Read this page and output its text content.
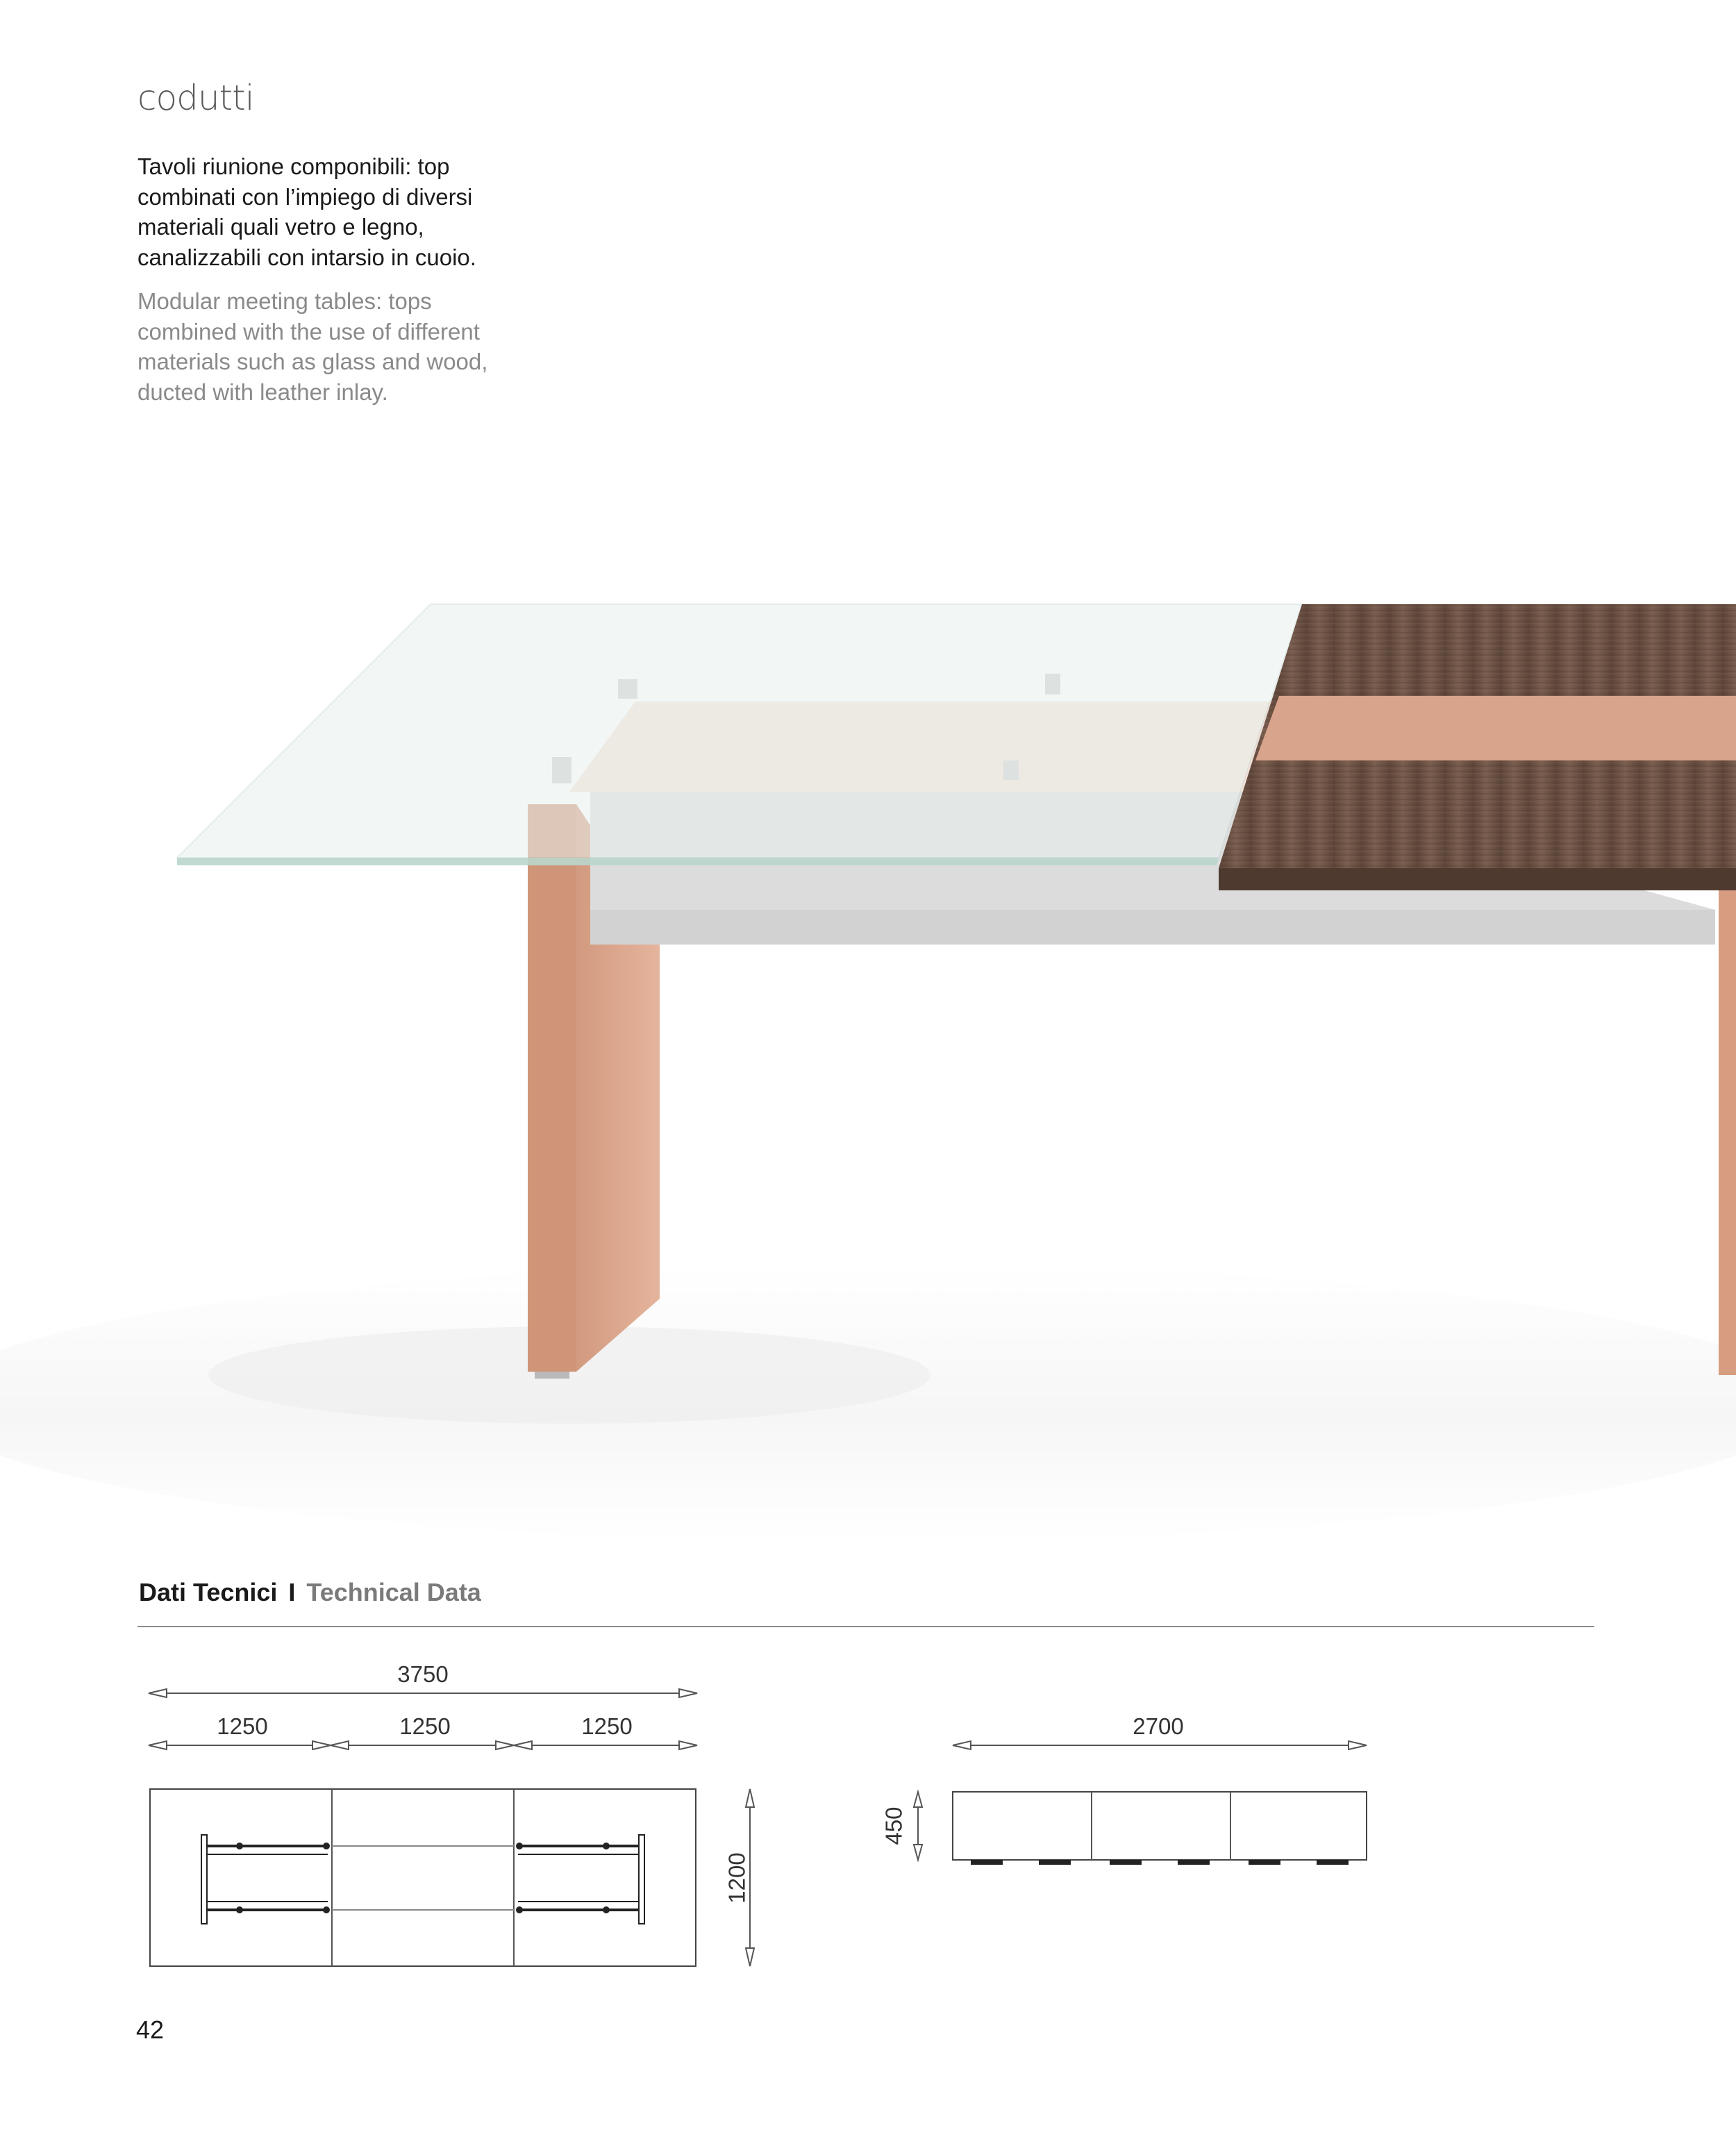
codutti
Tavoli riunione componibili: top combinati con l’impiego di diversi materiali quali vetro e legno, canalizzabili con intarsio in cuoio.
Modular meeting tables: tops combined with the use of different materials such as glass and wood, ducted with leather inlay.
Dati Tecnici I Technical Data
3750
1250	1250	1250
1200
2700
450
42
